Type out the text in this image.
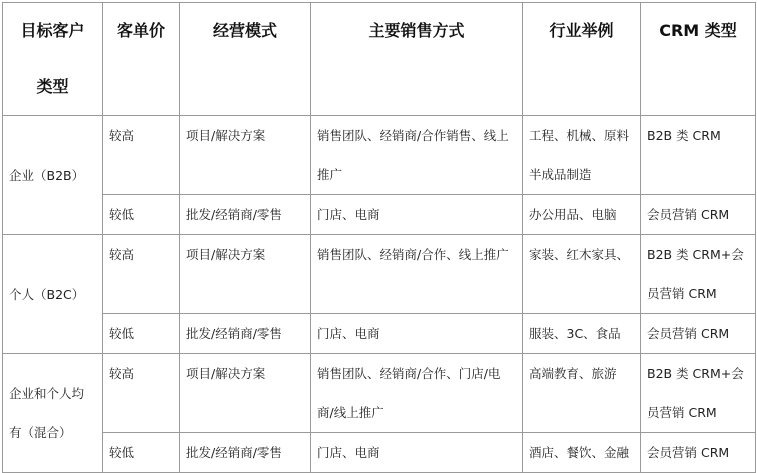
目标客户类型	客单价	经营模式	主要销售方式	行业举例	CRM 类型
企业（B2B）	较高	项目/解决方案	销售团队、经销商/合作销售、线上推广	工程、机械、原料半成品制造	B2B 类 CRM
	较低	批发/经销商/零售	门店、电商	办公用品、电脑	会员营销 CRM
个人（B2C）	较高	项目/解决方案	销售团队、经销商/合作、线上推广	家装、红木家具、	B2B 类 CRM+会员营销 CRM
	较低	批发/经销商/零售	门店、电商	服装、3C、食品	会员营销 CRM
企业和个人均有（混合）	较高	项目/解决方案	销售团队、经销商/合作、门店/电商/线上推广	高端教育、旅游	B2B 类 CRM+会员营销 CRM
	较低	批发/经销商/零售	门店、电商	酒店、餐饮、金融	会员营销 CRM
